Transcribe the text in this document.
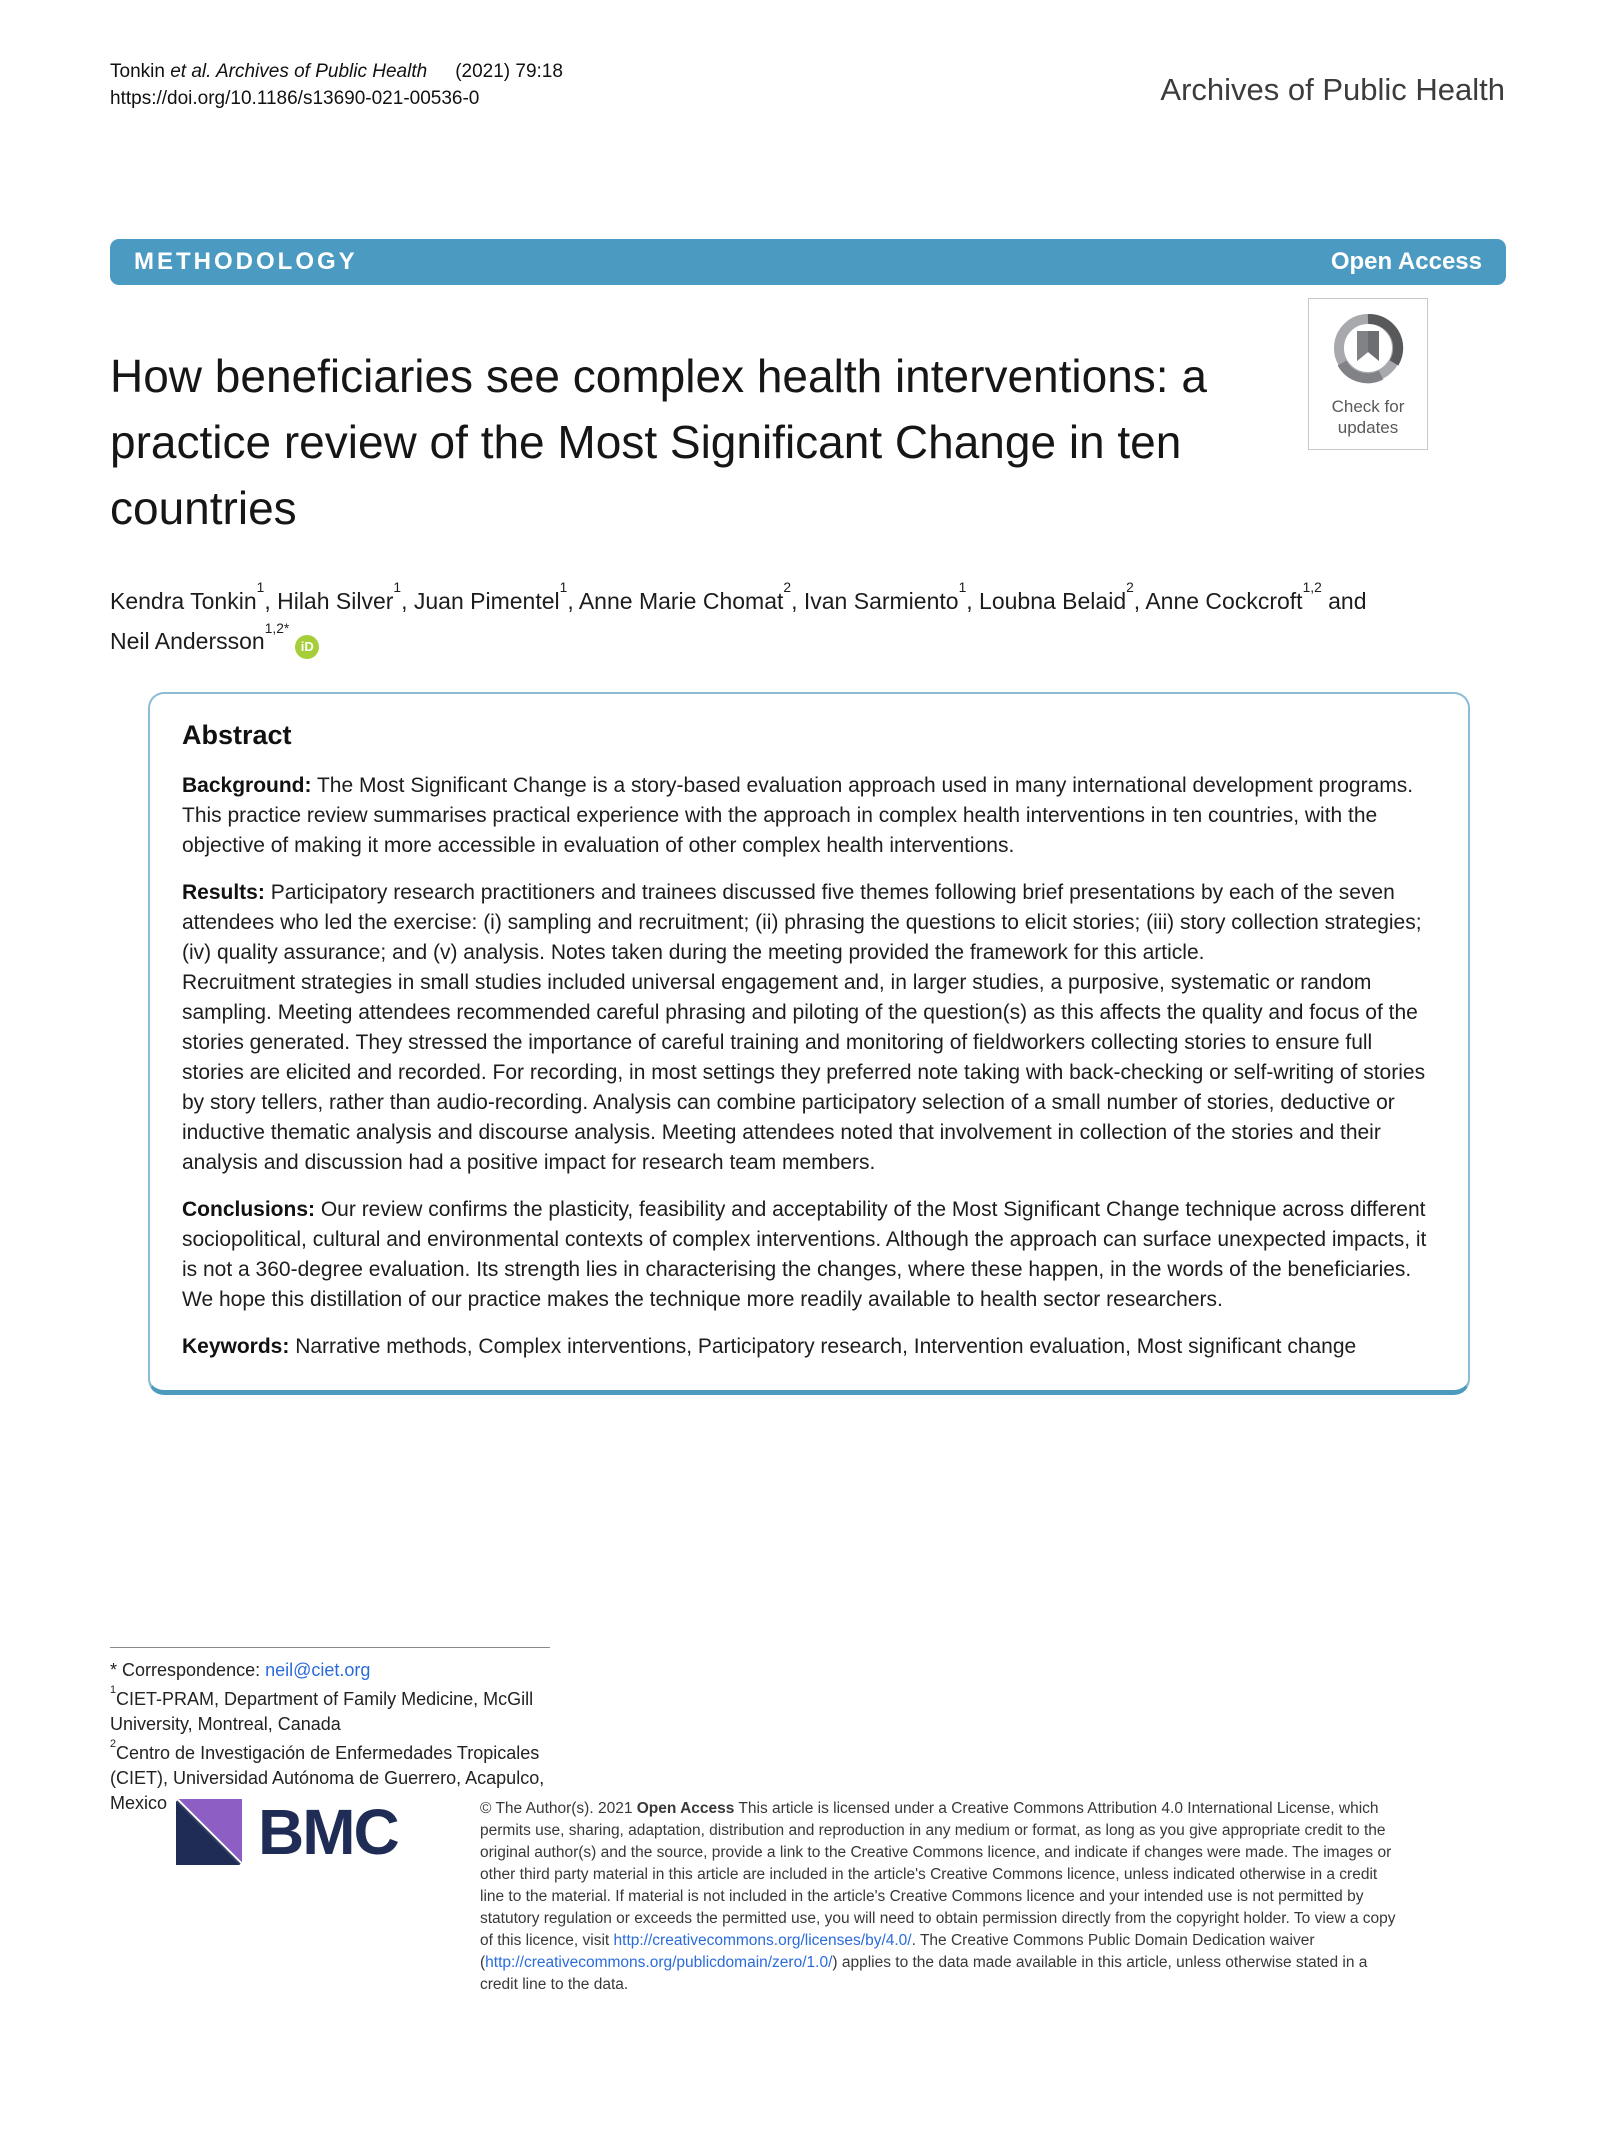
Tonkin et al. Archives of Public Health (2021) 79:18
https://doi.org/10.1186/s13690-021-00536-0	Archives of Public Health
METHODOLOGY	Open Access
How beneficiaries see complex health interventions: a practice review of the Most Significant Change in ten countries
Check for
updates
Kendra Tonkin$^1$, Hilah Silver$^1$, Juan Pimentel$^1$, Anne Marie Chomat$^2$, Ivan Sarmiento$^1$, Loubna Belaid$^2$, Anne Cockcroft$^{1,2}$ and Neil Andersson$^{1,2*}$iD
Abstract
Background: The Most Significant Change is a story-based evaluation approach used in many international development programs. This practice review summarises practical experience with the approach in complex health interventions in ten countries, with the objective of making it more accessible in evaluation of other complex health interventions.
Results: Participatory research practitioners and trainees discussed five themes following brief presentations by each of the seven attendees who led the exercise: (i) sampling and recruitment; (ii) phrasing the questions to elicit stories; (iii) story collection strategies; (iv) quality assurance; and (v) analysis. Notes taken during the meeting provided the framework for this article.
Recruitment strategies in small studies included universal engagement and, in larger studies, a purposive, systematic or random sampling. Meeting attendees recommended careful phrasing and piloting of the question(s) as this affects the quality and focus of the stories generated. They stressed the importance of careful training and monitoring of fieldworkers collecting stories to ensure full stories are elicited and recorded. For recording, in most settings they preferred note taking with back-checking or self-writing of stories by story tellers, rather than audio-recording. Analysis can combine participatory selection of a small number of stories, deductive or inductive thematic analysis and discourse analysis. Meeting attendees noted that involvement in collection of the stories and their analysis and discussion had a positive impact for research team members.
Conclusions: Our review confirms the plasticity, feasibility and acceptability of the Most Significant Change technique across different sociopolitical, cultural and environmental contexts of complex interventions. Although the approach can surface unexpected impacts, it is not a 360-degree evaluation. Its strength lies in characterising the changes, where these happen, in the words of the beneficiaries. We hope this distillation of our practice makes the technique more readily available to health sector researchers.
Keywords: Narrative methods, Complex interventions, Participatory research, Intervention evaluation, Most significant change
* Correspondence: neil@ciet.org
$^1$CIET-PRAM, Department of Family Medicine, McGill University, Montreal, Canada
$^2$Centro de Investigación de Enfermedades Tropicales (CIET), Universidad Autónoma de Guerrero, Acapulco, Mexico	BMC	© The Author(s). 2021 Open Access This article is licensed under a Creative Commons Attribution 4.0 International License, which permits use, sharing, adaptation, distribution and reproduction in any medium or format, as long as you give appropriate credit to the original author(s) and the source, provide a link to the Creative Commons licence, and indicate if changes were made. The images or other third party material in this article are included in the article's Creative Commons licence, unless indicated otherwise in a credit line to the material. If material is not included in the article's Creative Commons licence and your intended use is not permitted by statutory regulation or exceeds the permitted use, you will need to obtain permission directly from the copyright holder. To view a copy of this licence, visit http://creativecommons.org/licenses/by/4.0/. The Creative Commons Public Domain Dedication waiver (http://creativecommons.org/publicdomain/zero/1.0/) applies to the data made available in this article, unless otherwise stated in a credit line to the data.
